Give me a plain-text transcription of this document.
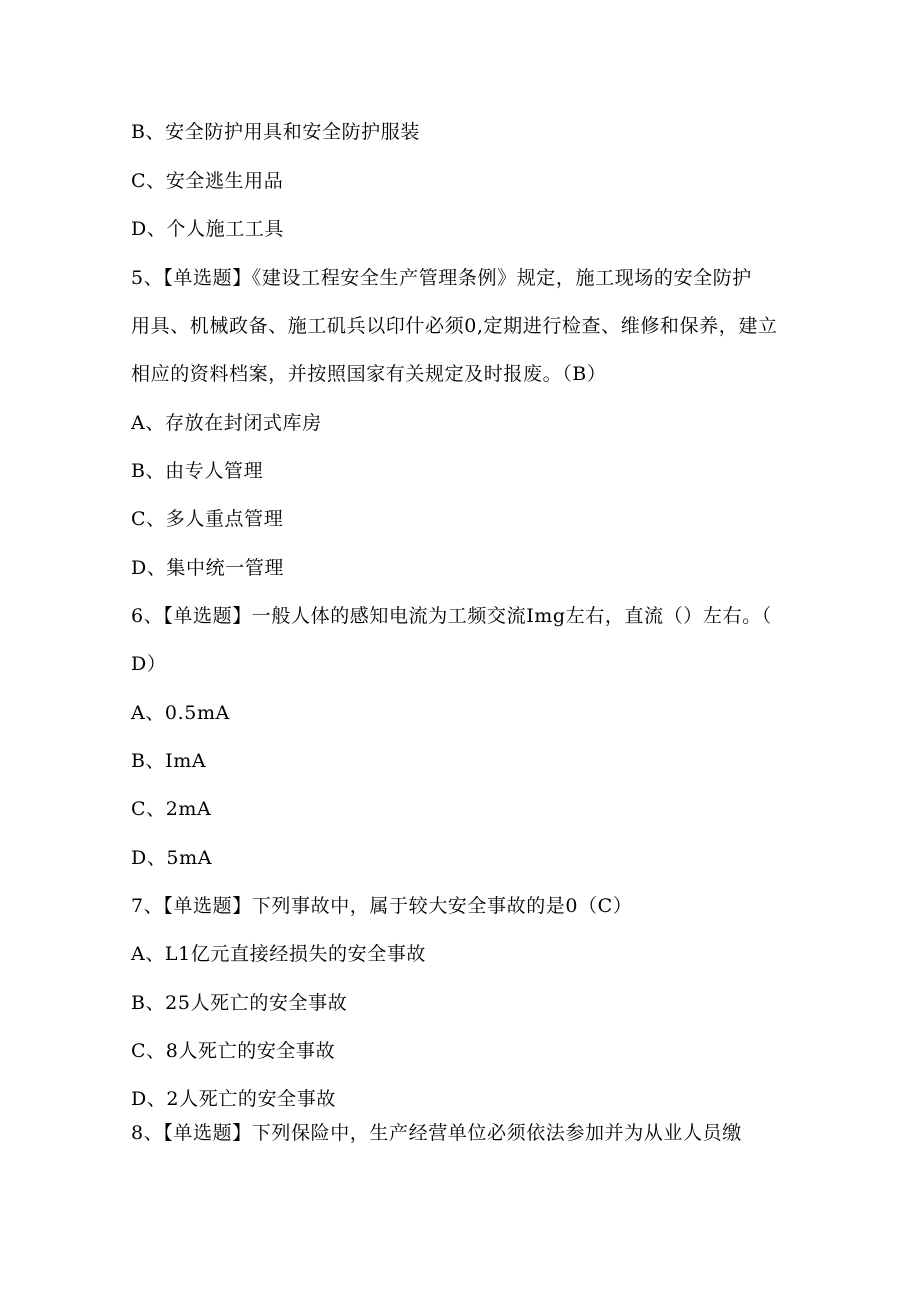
B、安全防护用具和安全防护服装
C、安全逃生用品
D、个人施工工具
5、【单选题】《建设工程安全生产管理条例》规定，施工现场的安全防护
用具、机械政备、施工矶兵以印什必须0,定期进行检查、维修和保养，建立
相应的资料档案，并按照国家有关规定及时报废。（B）
A、存放在封闭式库房
B、由专人管理
C、多人重点管理
D、集中统一管理
6、【单选题】一般人体的感知电流为工频交流Img左右，直流（）左右。（
D）
A、0.5mA
B、ImA
C、2mA
D、5mA
7、【单选题】下列事故中，属于较大安全事故的是0（C）
A、L1亿元直接经损失的安全事故
B、25人死亡的安全事故
C、8人死亡的安全事故
D、2人死亡的安全事故
8、【单选题】下列保险中，生产经营单位必须依法参加并为从业人员缴
